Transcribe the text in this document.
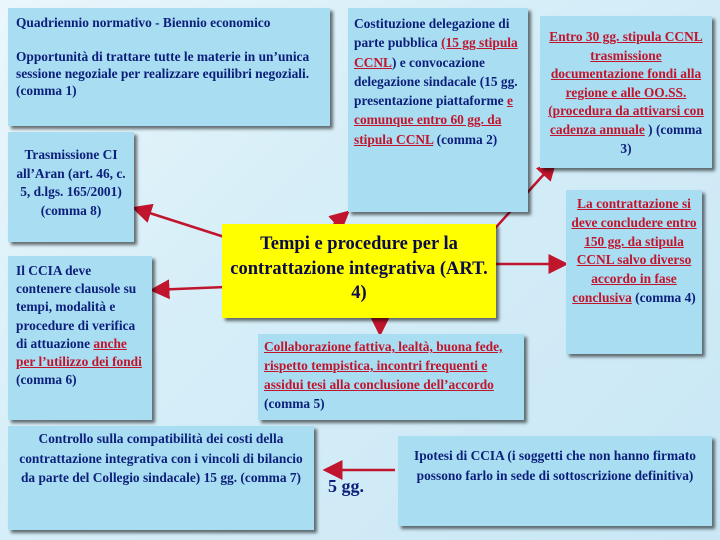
Quadriennio normativo - Biennio economico
Opportunità di trattare tutte le materie in un’unica sessione negoziale per realizzare equilibri negoziali. (comma 1)
Trasmissione CI all’Aran (art. 46, c. 5, d.lgs. 165/2001) (comma 8)
Il CCIA deve contenere clausole su tempi, modalità e procedure di verifica di attuazione anche per l’utilizzo dei fondi (comma 6)
Costituzione delegazione di parte pubblica (15 gg stipula CCNL) e convocazione delegazione sindacale (15 gg. presentazione piattaforme e comunque entro 60 gg. da stipula CCNL (comma 2)
Entro 30 gg. stipula CCNL trasmissione documentazione fondi alla regione e alle OO.SS. (procedura da attivarsi con cadenza annuale ) (comma 3)
La contrattazione si deve concludere entro 150 gg. da stipula CCNL salvo diverso accordo in fase conclusiva (comma 4)
Tempi e procedure per la contrattazione integrativa (ART. 4)
Collaborazione fattiva, lealtà, buona fede, rispetto tempistica, incontri frequenti e assidui tesi alla conclusione dell’accordo (comma 5)
Controllo sulla compatibilità dei costi della contrattazione integrativa con i vincoli di bilancio da parte del Collegio sindacale) 15 gg. (comma 7)	5 gg.
Ipotesi di CCIA (i soggetti che non hanno firmato possono farlo in sede di sottoscrizione definitiva)
